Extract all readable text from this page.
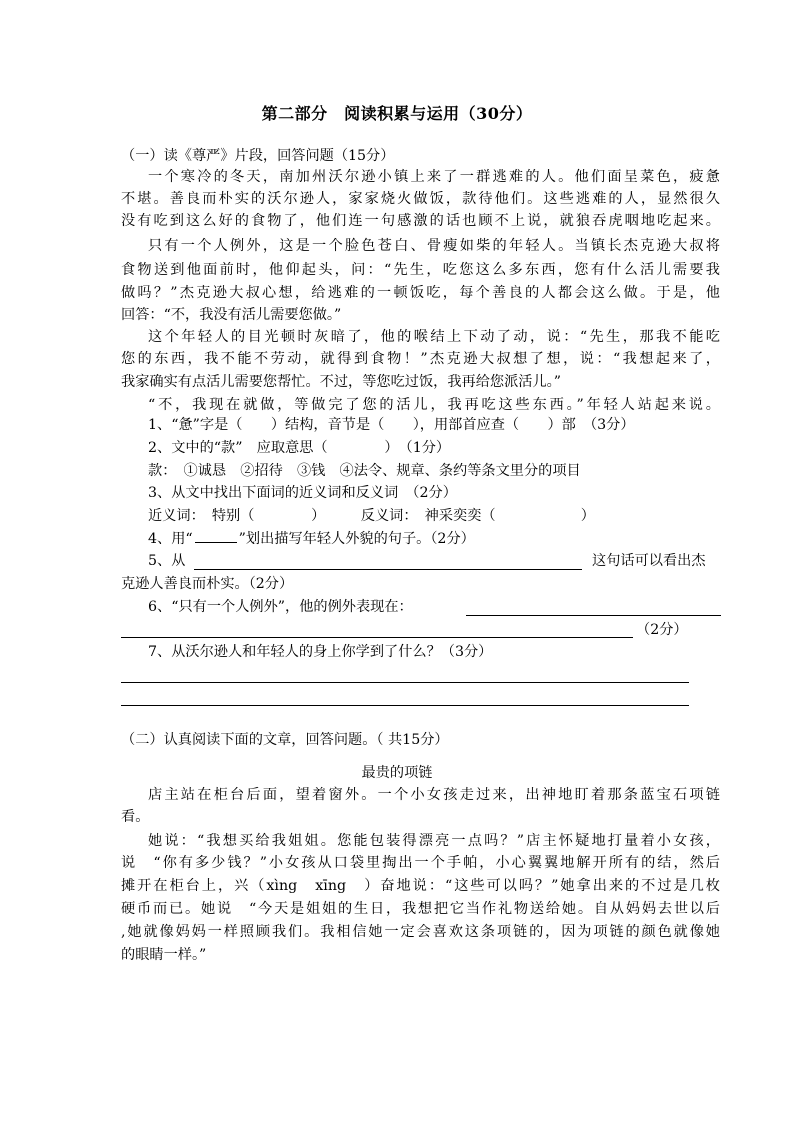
第二部分　阅读积累与运用（30分）
（一）读《尊严》片段，回答问题（15分）
一个寒冷的冬天，南加州沃尔逊小镇上来了一群逃难的人。他们面呈菜色，疲惫
不堪。善良而朴实的沃尔逊人，家家烧火做饭，款待他们。这些逃难的人，显然很久
没有吃到这么好的食物了，他们连一句感激的话也顾不上说，就狼吞虎咽地吃起来。
只有一个人例外，这是一个脸色苍白、骨瘦如柴的年轻人。当镇长杰克逊大叔将
食物送到他面前时，他仰起头，问：“先生，吃您这么多东西，您有什么活儿需要我
做吗？”杰克逊大叔心想，给逃难的一顿饭吃，每个善良的人都会这么做。于是，他
回答：“不，我没有活儿需要您做。”
这个年轻人的目光顿时灰暗了，他的喉结上下动了动，说：“先生，那我不能吃
您的东西，我不能不劳动，就得到食物！”杰克逊大叔想了想，说：“我想起来了，
我家确实有点活儿需要您帮忙。不过，等您吃过饭，我再给您派活儿。”
“不，我现在就做，等做完了您的活儿，我再吃这些东西。”年轻人站起来说。
1、“惫”字是（　　）结构，音节是（　　），用部首应查（　　）部　（3分）
2、文中的“款”　应取意思（　　　　）　（1分）
款：　①诚恳　②招待　③钱　④法令、规章、条约等条文里分的项目
3、从文中找出下面词的近义词和反义词　（2分）
近义词：　特别（　　　　）　　　反义词：　神采奕奕（　　　　　　）
4、用“	”划出描写年轻人外貌的句子。（2分）
5、从	这句话可以看出杰
克逊人善良而朴实。（2分）
6、“只有一个人例外”，他的例外表现在：
（2分）
7、从沃尔逊人和年轻人的身上你学到了什么？（3分）
（二）认真阅读下面的文章，回答问题。（ 共15分）
最贵的项链
店主站在柜台后面，望着窗外。一个小女孩走过来，出神地盯着那条蓝宝石项链
看。
她说：“我想买给我姐姐。您能包装得漂亮一点吗？”店主怀疑地打量着小女孩，
说　“你有多少钱？”小女孩从口袋里掏出一个手帕，小心翼翼地解开所有的结，然后
摊开在柜台上，兴（xìng　xīng　）奋地说：“这些可以吗？”她拿出来的不过是几枚
硬币而已。她说　“今天是姐姐的生日，我想把它当作礼物送给她。自从妈妈去世以后
,她就像妈妈一样照顾我们。我相信她一定会喜欢这条项链的，因为项链的颜色就像她
的眼睛一样。”
